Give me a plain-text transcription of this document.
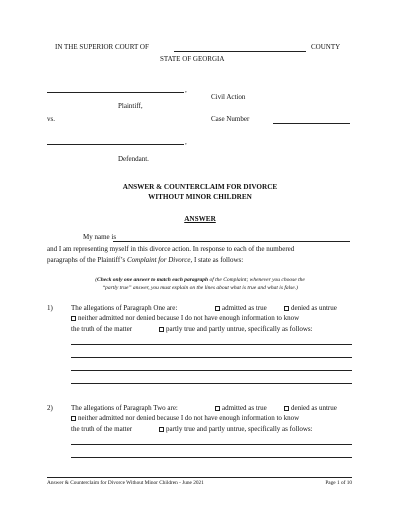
IN THE SUPERIOR COURT OF	COUNTY
STATE OF GEORGIA
,
Plaintiff,
vs.
,
Defendant.
Civil Action
Case Number
ANSWER & COUNTERCLAIM FOR DIVORCE
WITHOUT MINOR CHILDREN
ANSWER
My name is
and I am representing myself in this divorce action. In response to each of the numbered
paragraphs of the Plaintiff’s Complaint for Divorce, I state as follows:
(Check only one answer to match each paragraph of the Complaint; whenever you choose the
“partly true” answer, you must explain on the lines about what is true and what is false.)
1)	The allegations of Paragraph One are:	admitted as true	denied as untrue
neither admitted nor denied because I do not have enough information to know
the truth of the matter	partly true and partly untrue, specifically as follows:
2)	The allegations of Paragraph Two are:	admitted as true	denied as untrue
neither admitted nor denied because I do not have enough information to know
the truth of the matter	partly true and partly untrue, specifically as follows:
Answer & Counterclaim for Divorce Without Minor Children - June 2021	Page 1 of 10
